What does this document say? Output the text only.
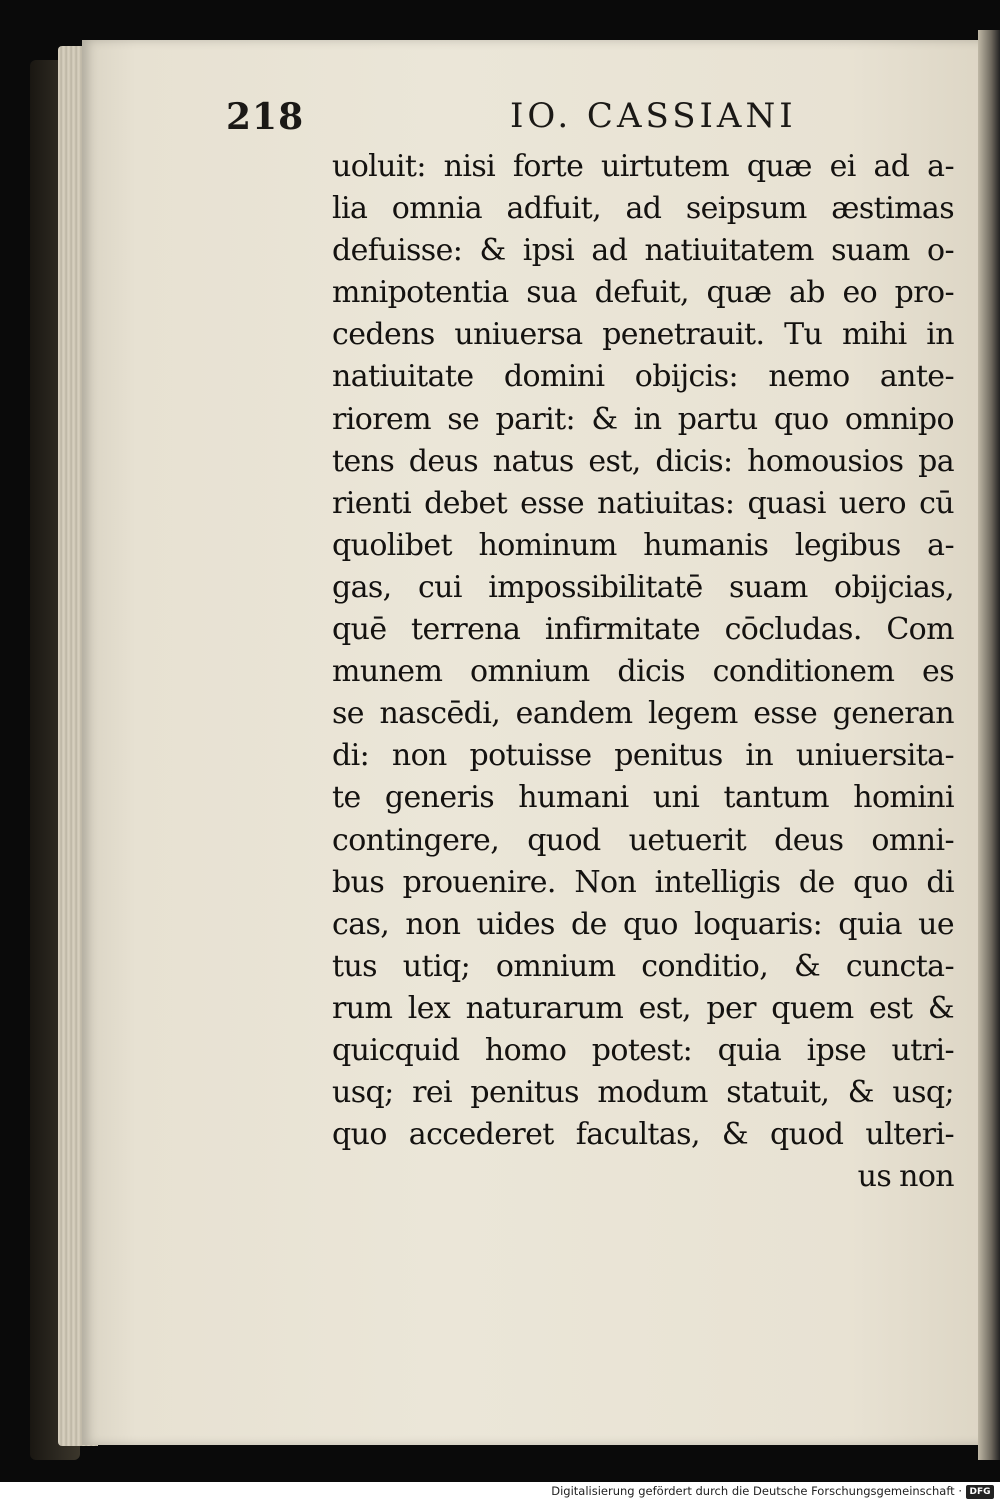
218	IO. CASSIANI
uoluit: nisi forte uirtutem quæ ei ad a-
lia omnia adfuit, ad seipsum æstimas
defuisse: & ipsi ad natiuitatem suam o-
mnipotentia sua defuit, quæ ab eo pro-
cedens uniuersa penetrauit. Tu mihi in
natiuitate domini obijcis: nemo ante-
riorem se parit: & in partu quo omnipo
tens deus natus est, dicis: homousios pa
rienti debet esse natiuitas: quasi uero cū
quolibet hominum humanis legibus a-
gas, cui impossibilitatē suam obijcias,
quē terrena infirmitate cōcludas. Com
munem omnium dicis conditionem es
se nascēdi, eandem legem esse generan
di: non potuisse penitus in uniuersita-
te generis humani uni tantum homini
contingere, quod uetuerit deus omni-
bus prouenire. Non intelligis de quo di
cas, non uides de quo loquaris: quia ue
tus utiq; omnium conditio, & cuncta-
rum lex naturarum est, per quem est &
quicquid homo potest: quia ipse utri-
usq; rei penitus modum statuit, & usq;
quo accederet facultas, & quod ulteri-
us non
Digitalisierung gefördert durch die Deutsche Forschungsgemeinschaft · DFG
